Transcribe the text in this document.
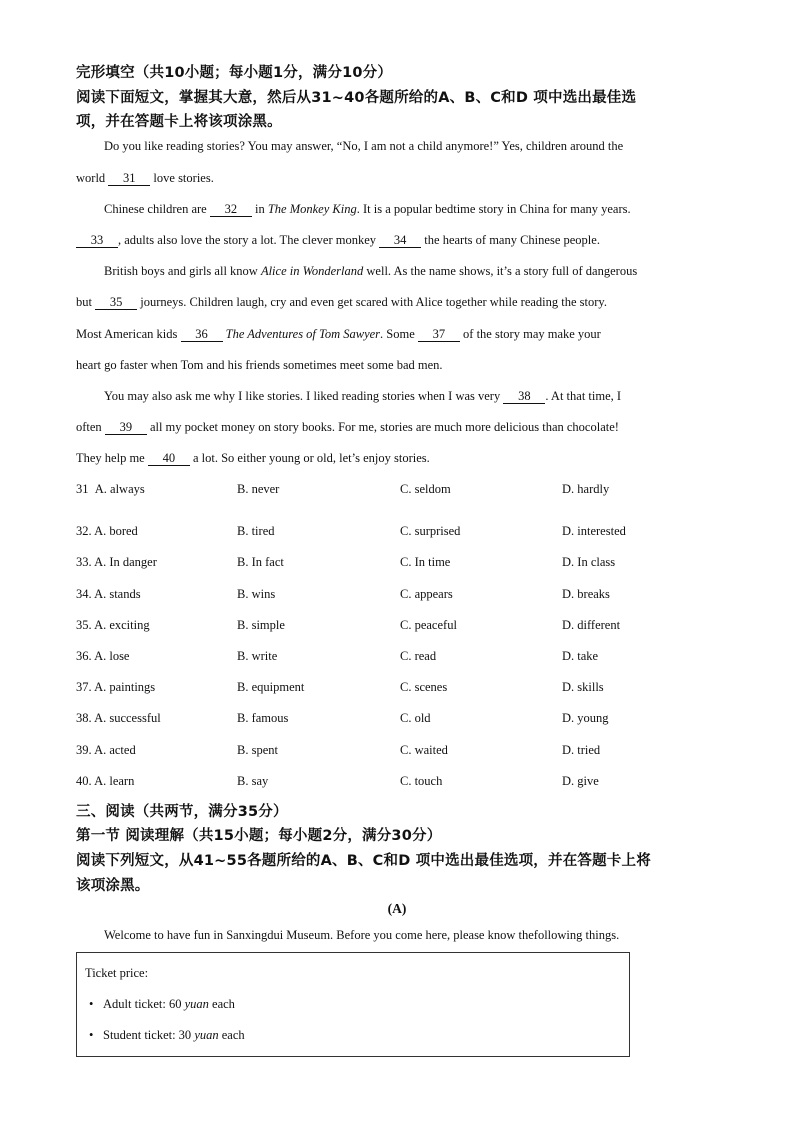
完形填空（共10小题；每小题1分，满分10分）
阅读下面短文，掌握其大意，然后从31~40各题所给的A、B、C和D 项中选出最佳选
项，并在答题卡上将该项涂黑。
Do you like reading stories? You may answer, “No, I am not a child anymore!” Yes, children around the
world 31 love stories.
Chinese children are 32 in The Monkey King. It is a popular bedtime story in China for many years.
33 , adults also love the story a lot. The clever monkey 34 the hearts of many Chinese people.
British boys and girls all know Alice in Wonderland well. As the name shows, it’s a story full of dangerous
but 35 journeys. Children laugh, cry and even get scared with Alice together while reading the story.
Most American kids 36 The Adventures of Tom Sawyer. Some 37 of the story may make your
heart go faster when Tom and his friends sometimes meet some bad men.
You may also ask me why I like stories. I liked reading stories when I was very 38 . At that time, I
often 39 all my pocket money on story books. For me, stories are much more delicious than chocolate!
They help me 40 a lot. So either young or old, let’s enjoy stories.
31 A. always	B. never	C. seldom	D. hardly
32. A. bored	B. tired	C. surprised	D. interested
33. A. In danger	B. In fact	C. In time	D. In class
34. A. stands	B. wins	C. appears	D. breaks
35. A. exciting	B. simple	C. peaceful	D. different
36. A. lose	B. write	C. read	D. take
37. A. paintings	B. equipment	C. scenes	D. skills
38. A. successful	B. famous	C. old	D. young
39. A. acted	B. spent	C. waited	D. tried
40. A. learn	B. say	C. touch	D. give
三、阅读（共两节，满分35分）
第一节 阅读理解（共15小题；每小题2分，满分30分）
阅读下列短文，从41~55各题所给的A、B、C和D 项中选出最佳选项，并在答题卡上将
该项涂黑。
(A)
Welcome to have fun in Sanxingdui Museum. Before you come here, please know thefollowing things.
Ticket price:
• Adult ticket: 60 yuan each
• Student ticket: 30 yuan each
